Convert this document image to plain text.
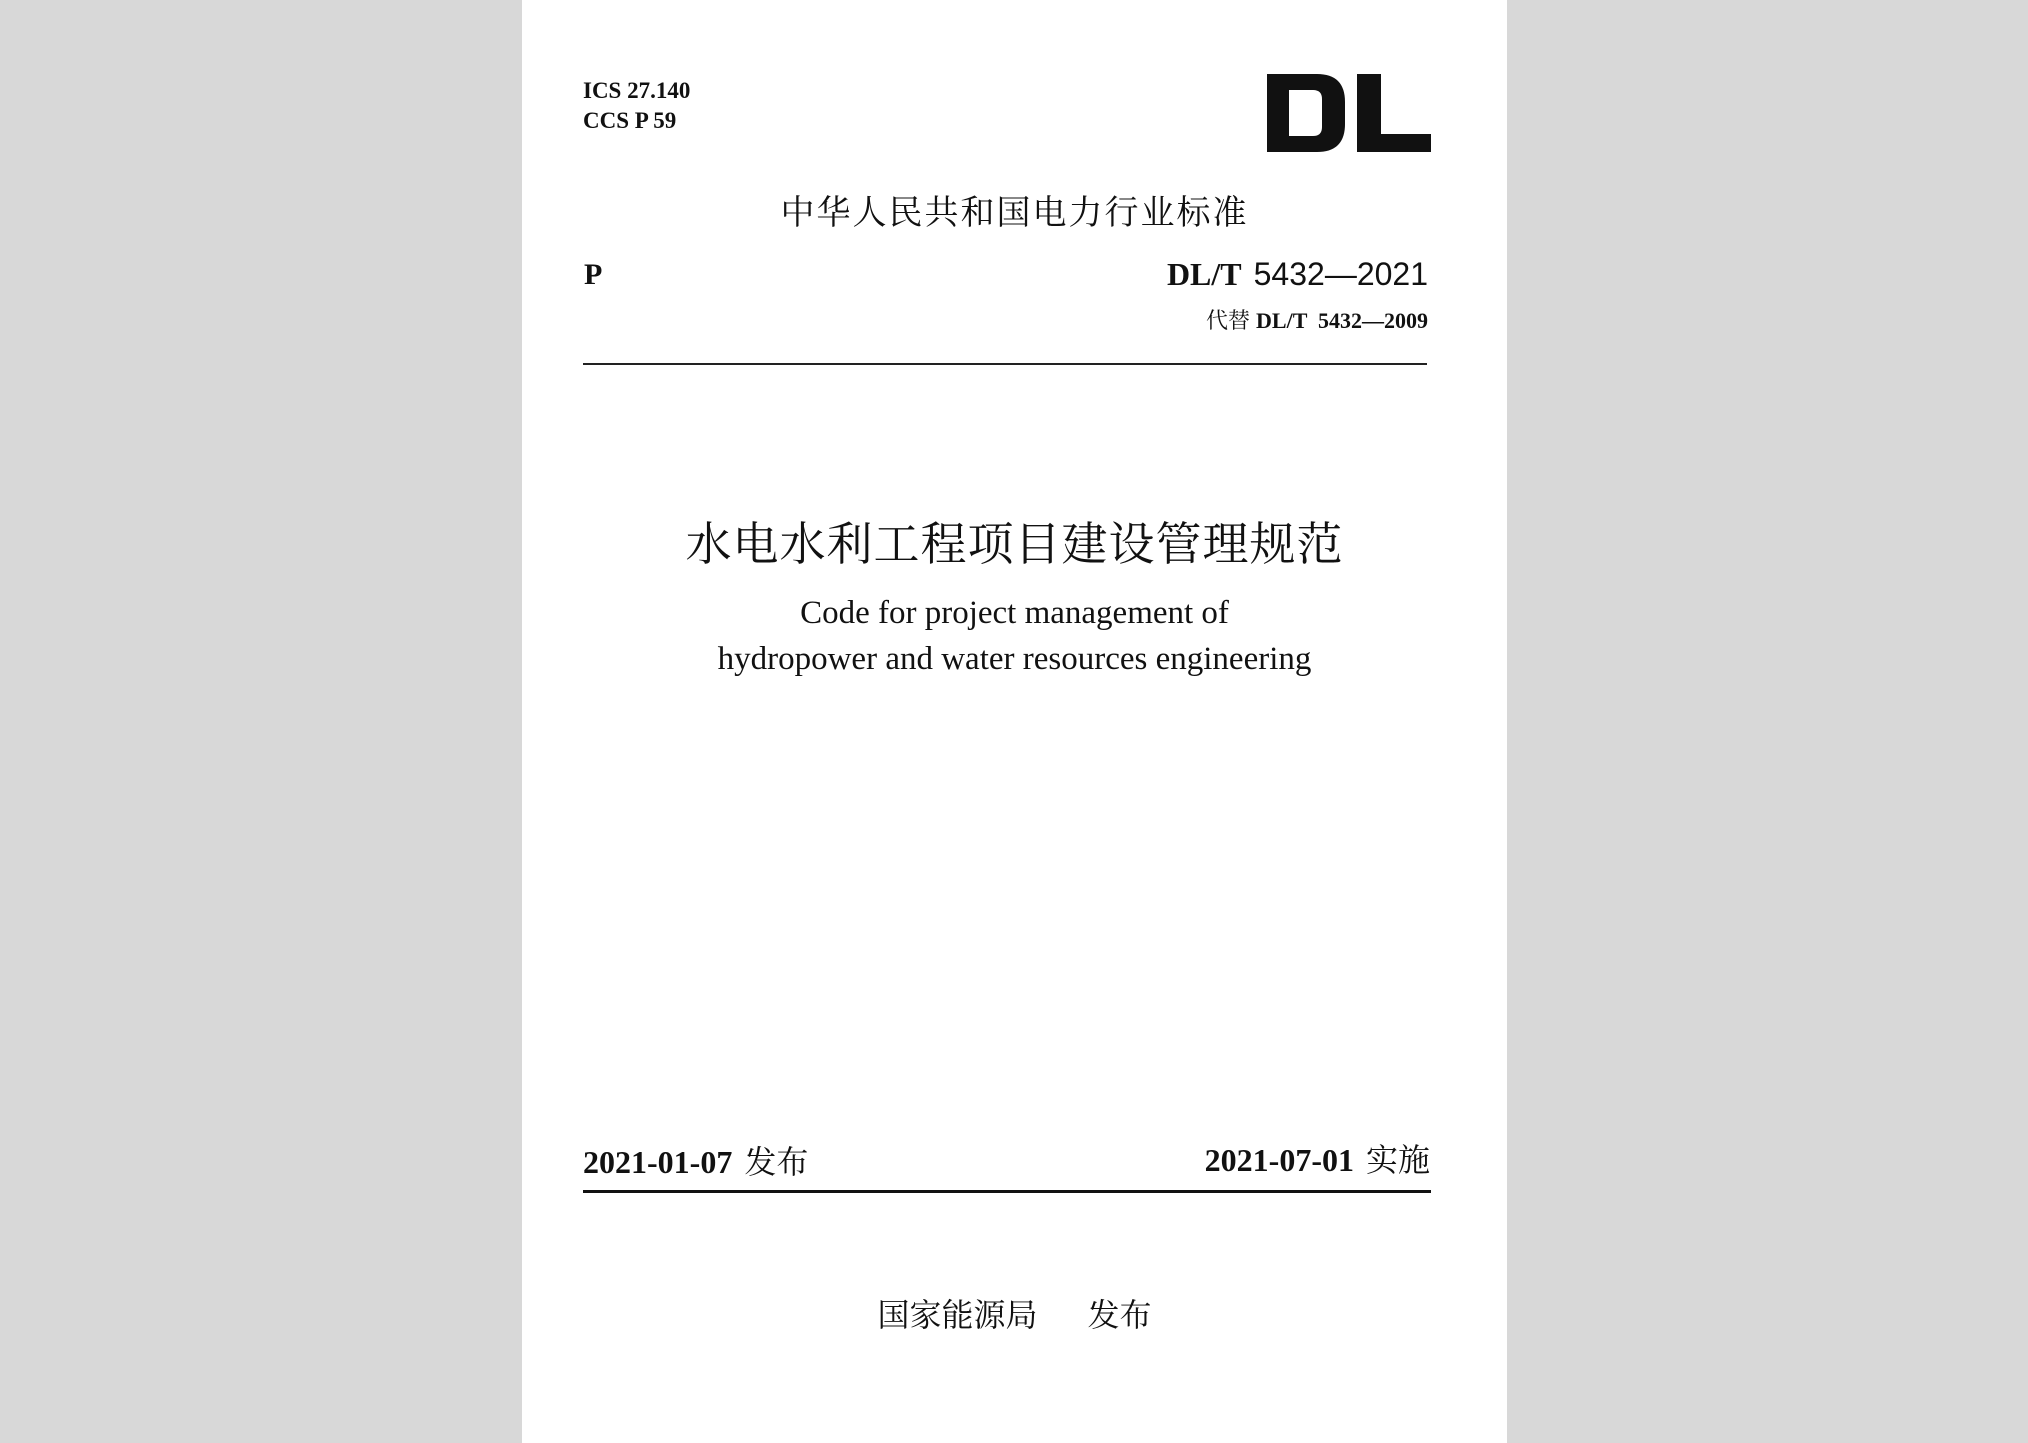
ICS 27.140
CCS P 59
中华人民共和国电力行业标准
P	DL/T 5432—2021
代替 DL/T  5432—2009
水电水利工程项目建设管理规范
Code for project management of
hydropower and water resources engineering
2021-01-07 发布	2021-07-01 实施
国家能源局 发布
